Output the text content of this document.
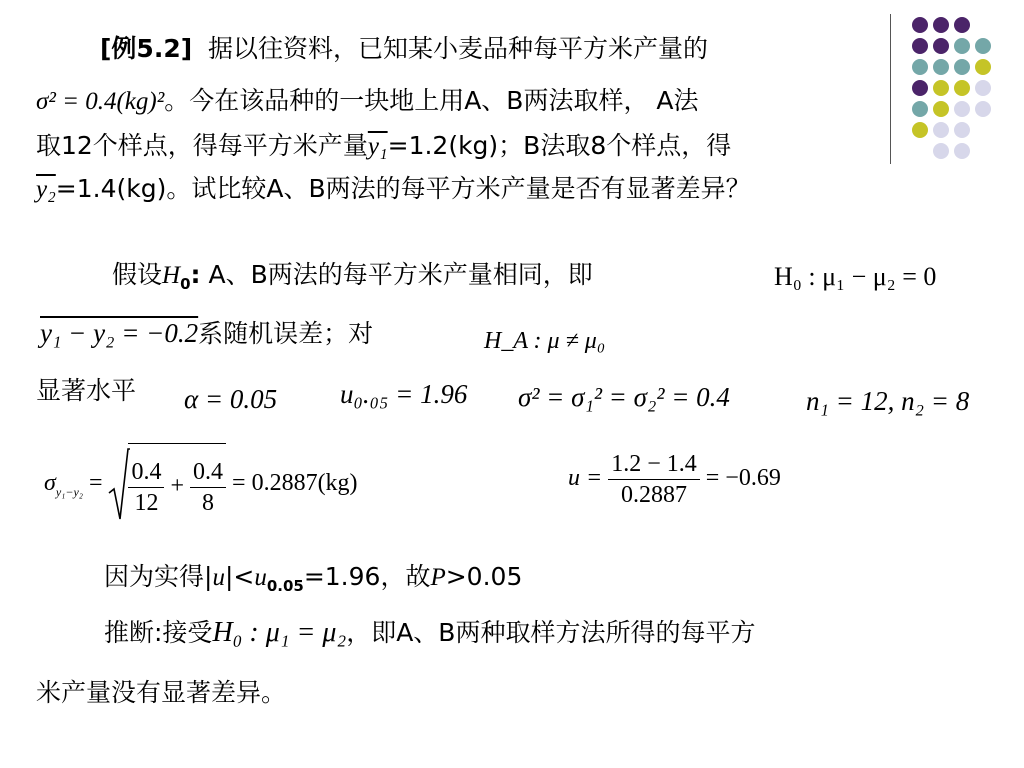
[例5.2] 据以往资料，已知某小麦品种每平方米产量的
σ² = 0.4(kg)²。今在该品种的一块地上用A、B两法取样， A法
取12个样点，得每平方米产量y₁=1.2(kg)；B法取8个样点，得
y₂=1.4(kg)。试比较A、B两法的每平方米产量是否有显著差异？
假设$H_0$: A、B两法的每平方米产量相同，即	H₀ : μ₁ − μ₂ = 0
y₁ − y₂ = −0.2系随机误差；对	H_A : μ ≠ μ₀
显著水平 α = 0.05 u₀.₀₅ = 1.96 σ² = σ₁² = σ₂² = 0.4	n₁ = 12, n₂ = 8
$\sigma_{y_1-y_2} = \frac{0.4}{12} + \frac{0.4}{8} = 0.2887(kg)$	$u = \frac{1.2 - 1.4}{0.2887} = -0.69$
因为实得$|u|<u_{0.05}=1.96$，故P>0.05
推断:接受H₀ : μ₁ = μ₂，即A、B两种取样方法所得的每平方
米产量没有显著差异。
